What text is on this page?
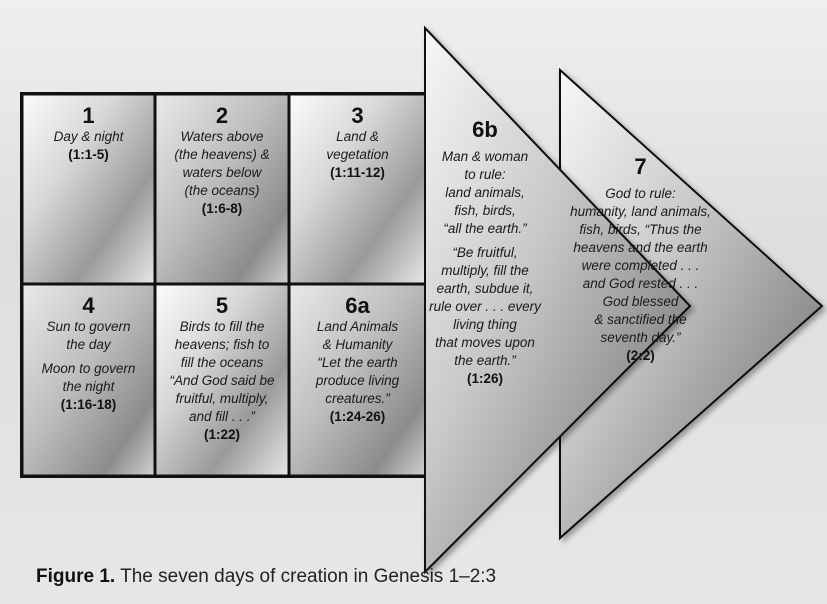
1
Day & night
(1:1-5)
2
Waters above
(the heavens) &
waters below
(the oceans)
(1:6-8)
3
Land &
vegetation
(1:11-12)
4
Sun to govern
the day
Moon to govern
the night
(1:16-18)
5
Birds to fill the
heavens; fish to
fill the oceans
“And God said be
fruitful, multiply,
and fill . . .”
(1:22)
6a
Land Animals
& Humanity
“Let the earth
produce living
creatures.”
(1:24-26)
6b
Man & woman
to rule:
land animals,
fish, birds,
“all the earth.”
“Be fruitful,
multiply, fill the
earth, subdue it,
rule over . . . every
living thing
that moves upon
the earth.”
(1:26)
7
God to rule:
humanity, land animals,
fish, birds, “Thus the
heavens and the earth
were completed . . .
and God rested . . .
God blessed
& sanctified the
seventh day.”
(2:2)
Figure 1. The seven days of creation in Genesis 1–2:3
